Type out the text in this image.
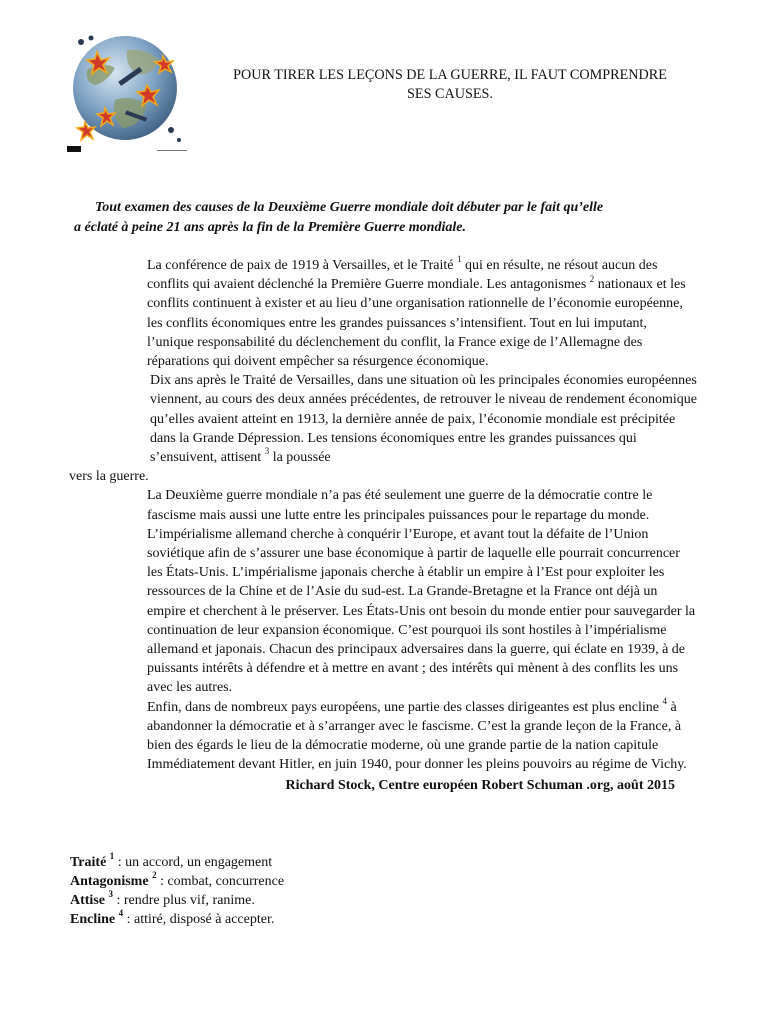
POUR TIRER LES LEÇONS DE LA GUERRE, IL FAUT COMPRENDRE
SES CAUSES.
Tout examen des causes de la Deuxième Guerre mondiale doit débuter par le fait qu’elle
a éclaté à peine 21 ans après la fin de la Première Guerre mondiale.

La conférence de paix de 1919 à Versailles, et le Traité $^1$ qui en résulte, ne résout aucun des conflits qui avaient déclenché la Première Guerre mondiale. Les antagonismes $^2$ nationaux et les conflits continuent à exister et au lieu d’une organisation rationnelle de l’économie européenne, les conflits économiques entre les grandes puissances s’intensifient. Tout en lui imputant, l’unique responsabilité du déclenchement du conflit, la France exige de l’Allemagne des réparations qui doivent empêcher sa résurgence économique.

Dix ans après le Traité de Versailles, dans une situation où les principales économies européennes viennent, au cours des deux années précédentes, de retrouver le niveau de rendement économique qu’elles avaient atteint en 1913, la dernière année de paix, l’économie mondiale est précipitée dans la Grande Dépression. Les tensions économiques entre les grandes puissances qui s’ensuivent, attisent $^3$ la poussée

vers la guerre.

La Deuxième guerre mondiale n’a pas été seulement une guerre de la démocratie contre le fascisme mais aussi une lutte entre les principales puissances pour le repartage du monde. L’impérialisme allemand cherche à conquérir l’Europe, et avant tout la défaite de l’Union soviétique afin de s’assurer une base économique à partir de laquelle elle pourrait concurrencer les États-Unis. L’impérialisme japonais cherche à établir un empire à l’Est pour exploiter les ressources de la Chine et de l’Asie du sud-est. La Grande-Bretagne et la France ont déjà un empire et cherchent à le préserver. Les États-Unis ont besoin du monde entier pour sauvegarder la continuation de leur expansion économique. C’est pourquoi ils sont hostiles à l’impérialisme allemand et japonais. Chacun des principaux adversaires dans la guerre, qui éclate en 1939, à de puissants intérêts à défendre et à mettre en avant ; des intérêts qui mènent à des conflits les uns avec les autres.

Enfin, dans de nombreux pays européens, une partie des classes dirigeantes est plus encline $^4$ à abandonner la démocratie et à s’arranger avec le fascisme. C’est la grande leçon de la France, à bien des égards le lieu de la démocratie moderne, où une grande partie de la nation capitule Immédiatement devant Hitler, en juin 1940, pour donner les pleins pouvoirs au régime de Vichy.

Richard Stock, Centre européen Robert Schuman .org, août 2015
Traité $^1$ : un accord, un engagement
Antagonisme $^2$ : combat, concurrence
Attise $^3$ : rendre plus vif, ranime.
Encline $^4$ : attiré, disposé à accepter.
